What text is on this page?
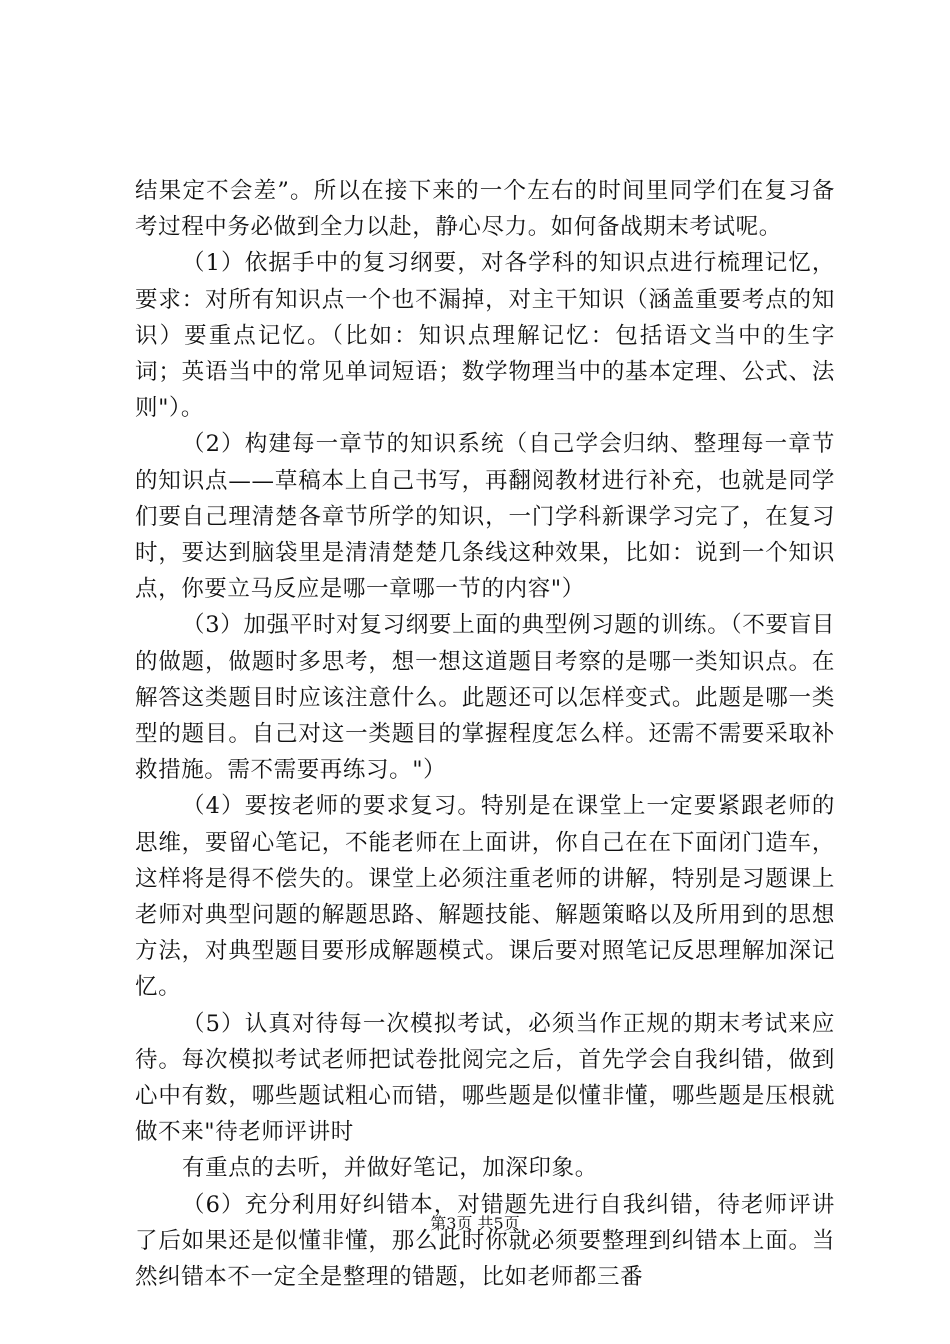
结果定不会差”。所以在接下来的一个左右的时间里同学们在复习备考过程中务必做到全力以赴，静心尽力。如何备战期末考试呢。

（1）依据手中的复习纲要，对各学科的知识点进行梳理记忆，要求：对所有知识点一个也不漏掉，对主干知识（涵盖重要考点的知识）要重点记忆。（比如：知识点理解记忆：包括语文当中的生字词；英语当中的常见单词短语；数学物理当中的基本定理、公式、法则"）。

（2）构建每一章节的知识系统（自己学会归纳、整理每一章节的知识点——草稿本上自己书写，再翻阅教材进行补充，也就是同学们要自己理清楚各章节所学的知识，一门学科新课学习完了，在复习时，要达到脑袋里是清清楚楚几条线这种效果，比如：说到一个知识点，你要立马反应是哪一章哪一节的内容"）

（3）加强平时对复习纲要上面的典型例习题的训练。（不要盲目的做题，做题时多思考，想一想这道题目考察的是哪一类知识点。在解答这类题目时应该注意什么。此题还可以怎样变式。此题是哪一类型的题目。自己对这一类题目的掌握程度怎么样。还需不需要采取补救措施。需不需要再练习。"）

（4）要按老师的要求复习。特别是在课堂上一定要紧跟老师的思维，要留心笔记，不能老师在上面讲，你自己在在下面闭门造车，这样将是得不偿失的。课堂上必须注重老师的讲解，特别是习题课上老师对典型问题的解题思路、解题技能、解题策略以及所用到的思想方法，对典型题目要形成解题模式。课后要对照笔记反思理解加深记忆。

（5）认真对待每一次模拟考试，必须当作正规的期末考试来应待。每次模拟考试老师把试卷批阅完之后，首先学会自我纠错，做到心中有数，哪些题试粗心而错，哪些题是似懂非懂，哪些题是压根就做不来"待老师评讲时

有重点的去听，并做好笔记，加深印象。

（6）充分利用好纠错本，对错题先进行自我纠错，待老师评讲了后如果还是似懂非懂，那么此时你就必须要整理到纠错本上面。当然纠错本不一定全是整理的错题，比如老师都三番

第3页 共5页
